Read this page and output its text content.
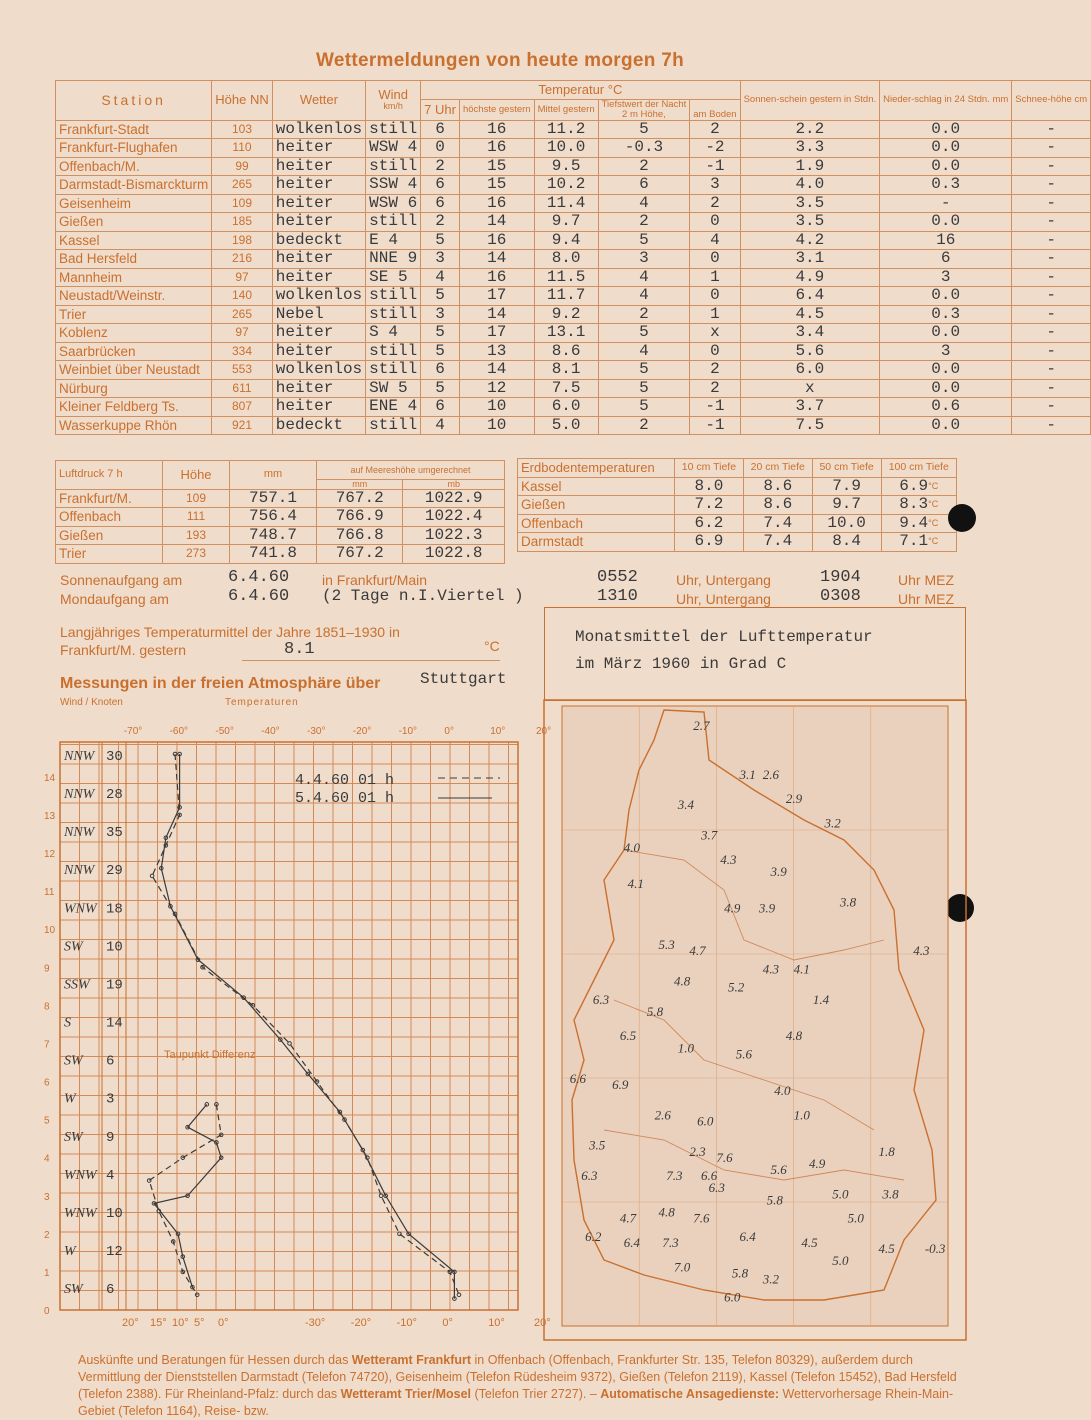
Wettermeldungen von heute morgen 7h
Station	Höhe NN	Wetter	Wind
km/h	Temperatur °C					Sonnen-schein gestern in Stdn.	Nieder-schlag in 24 Stdn. mm	Schnee-höhe cm
				7 Uhr	höchste gestern	Mittel gestern	Tiefstwert der Nacht
2 m Höhe,	am Boden			
Frankfurt-Stadt	103	wolkenlos	still	6	16	11.2	5	2	2.2	0.0	-
Frankfurt-Flughafen	110	heiter	WSW 4	0	16	10.0	-0.3	-2	3.3	0.0	-
Offenbach/M.	99	heiter	still	2	15	9.5	2	-1	1.9	0.0	-
Darmstadt-Bismarckturm	265	heiter	SSW 4	6	15	10.2	6	3	4.0	0.3	-
Geisenheim	109	heiter	WSW 6	6	16	11.4	4	2	3.5	-	-
Gießen	185	heiter	still	2	14	9.7	2	0	3.5	0.0	-
Kassel	198	bedeckt	E 4	5	16	9.4	5	4	4.2	16	-
Bad Hersfeld	216	heiter	NNE 9	3	14	8.0	3	0	3.1	6	-
Mannheim	97	heiter	SE 5	4	16	11.5	4	1	4.9	3	-
Neustadt/Weinstr.	140	wolkenlos	still	5	17	11.7	4	0	6.4	0.0	-
Trier	265	Nebel	still	3	14	9.2	2	1	4.5	0.3	-
Koblenz	97	heiter	S 4	5	17	13.1	5	x	3.4	0.0	-
Saarbrücken	334	heiter	still	5	13	8.6	4	0	5.6	3	-
Weinbiet über Neustadt	553	wolkenlos	still	6	14	8.1	5	2	6.0	0.0	-
Nürburg	611	heiter	SW 5	5	12	7.5	5	2	x	0.0	-
Kleiner Feldberg Ts.	807	heiter	ENE 4	6	10	6.0	5	-1	3.7	0.6	-
Wasserkuppe Rhön	921	bedeckt	still	4	10	5.0	2	-1	7.5	0.0	-
Luftdruck 7 h	Höhe	mm	auf Meereshöhe umgerechnet	
			mm	mb
Frankfurt/M.	109	757.1	767.2	1022.9
Offenbach	111	756.4	766.9	1022.4
Gießen	193	748.7	766.8	1022.3
Trier	273	741.8	767.2	1022.8
Erdbodentemperaturen	10 cm Tiefe	20 cm Tiefe	50 cm Tiefe	100 cm Tiefe
Kassel	8.0	8.6	7.9	$6.9^{^\circ C}$
Gießen	7.2	8.6	9.7	$8.3^{^\circ C}$
Offenbach	6.2	7.4	10.0	$9.4^{^\circ C}$
Darmstadt	6.9	7.4	8.4	$7.1^{^\circ C}$
Sonnenaufgang am	6.4.60 in Frankfurt/Main	0552	Uhr, Untergang	1904	Uhr MEZ
Mondaufgang am	6.4.60 (2 Tage n.I.Viertel )	1310	Uhr, Untergang	0308	Uhr MEZ
Langjähriges Temperaturmittel der Jahre 1851–1930 in
Frankfurt/M. gestern	8.1	°C
Messungen in der freien Atmosphäre über Stuttgart
Wind / Knoten	Temperaturen
0
1
2
3
4
5
6
7
8
9
10
11
12
13
14
-70°	-60°	-50°	-40°	-30°	-20°	-10°	0°	10°	20°
20° 15° 10° 5° 0°	-30° -20° -10° 0°	10°	20°
NNW 30
NNW 28
NNW 35
NNW 29
WNW 18
SW 10
SSW 19
S	14
SW 6
W 3
SW 9
WNW 4
WNW 10
W 12
SW 6
Taupunkt Differenz
4.4.60 01 h
5.4.60 01 h
Monatsmittel der Lufttemperatur
im März 1960 in Grad C
2.7
3.1 2.6
2.9
3.4
3.2
3.7
4.0
4.3
3.9
4.1
3.8
4.9 3.9
4.3
5.3 4.7
4.3 4.1
4.8	5.2
6.3	1.4
5.8
4.8
6.5
1.0	5.6
6.6 6.9	4.0
2.6 6.0	1.0
3.5	2.3 7.6	1.8
6.3	7.3 6.6	5.6 4.9
6.3
5.8	5.0	3.8
4.7 4.8 7.6	5.0
6.2 6.4 7.3	6.4	4.5	4.5 -0.3
7.0	5.8 3.2
5.0
6.0
Auskünfte und Beratungen für Hessen durch das Wetteramt Frankfurt in Offenbach (Offenbach, Frankfurter Str. 135, Telefon 80329), außerdem durch Vermittlung der Dienststellen Darmstadt (Telefon 74720), Geisenheim (Telefon Rüdesheim 9372), Gießen (Telefon 2119), Kassel (Telefon 15452), Bad Hersfeld (Telefon 2388). Für Rheinland-Pfalz: durch das Wetteramt Trier/Mosel (Telefon Trier 2727). – Automatische Ansagedienste: Wettervorhersage Rhein-Main-Gebiet (Telefon 1164), Reise- bzw.
